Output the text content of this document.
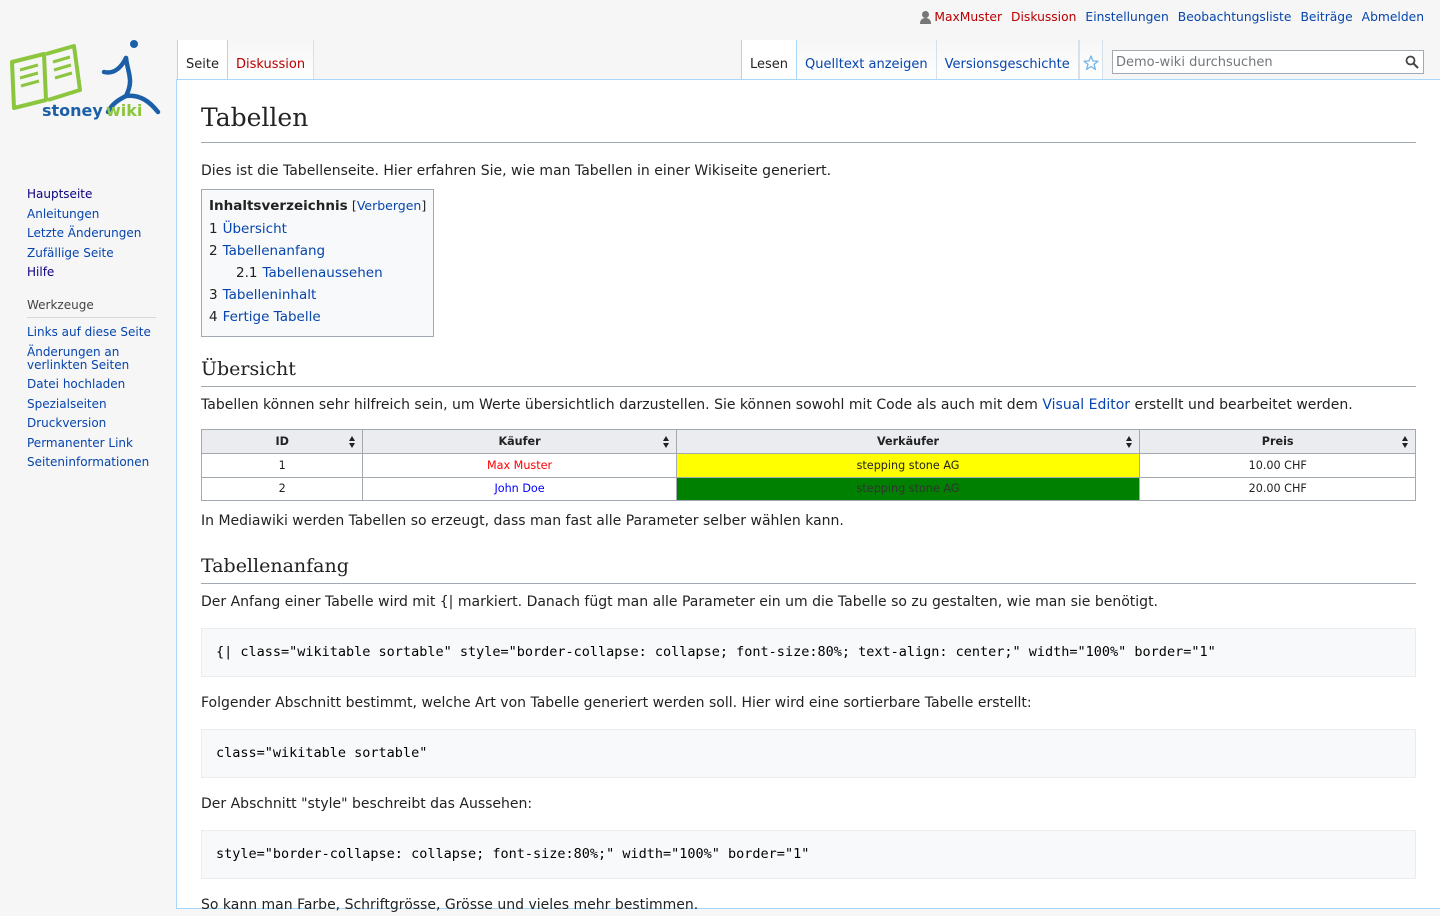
MaxMuster Diskussion Einstellungen Beobachtungsliste Beiträge Abmelden
stoney wiki
Hauptseite
Anleitungen
Letzte Änderungen
Zufällige Seite
Hilfe
Werkzeuge
Links auf diese Seite
Änderungen an verlinkten Seiten
Datei hochladen
Spezialseiten
Druckversion
Permanenter Link
Seiteninformationen
Seite	Diskussion	Lesen	Quelltext anzeigen	Versionsgeschichte
Demo-wiki durchsuchen
Tabellen

Dies ist die Tabellenseite. Hier erfahren Sie, wie man Tabellen in einer Wikiseite generiert.

Inhaltsverzeichnis [Verbergen]
1 Übersicht
2 Tabellenanfang
2.1 Tabellenaussehen
3 Tabelleninhalt
4 Fertige Tabelle
Übersicht

Tabellen können sehr hilfreich sein, um Werte übersichtlich darzustellen. Sie können sowohl mit Code als auch mit dem Visual Editor erstellt und bearbeitet werden.

ID	Käufer	Verkäufer	Preis

1	Max Muster	stepping stone AG	10.00 CHF
2	John Doe	stepping stone AG	20.00 CHF

In Mediawiki werden Tabellen so erzeugt, dass man fast alle Parameter selber wählen kann.

Tabellenanfang

Der Anfang einer Tabelle wird mit {| markiert. Danach fügt man alle Parameter ein um die Tabelle so zu gestalten, wie man sie benötigt.

{| class="wikitable sortable" style="border-collapse: collapse; font-size:80%; text-align: center;" width="100%" border="1"

Folgender Abschnitt bestimmt, welche Art von Tabelle generiert werden soll. Hier wird eine sortierbare Tabelle erstellt:

class="wikitable sortable"

Der Abschnitt "style" beschreibt das Aussehen:

style="border-collapse: collapse; font-size:80%;" width="100%" border="1"

So kann man Farbe, Schriftgrösse, Grösse und vieles mehr bestimmen.
